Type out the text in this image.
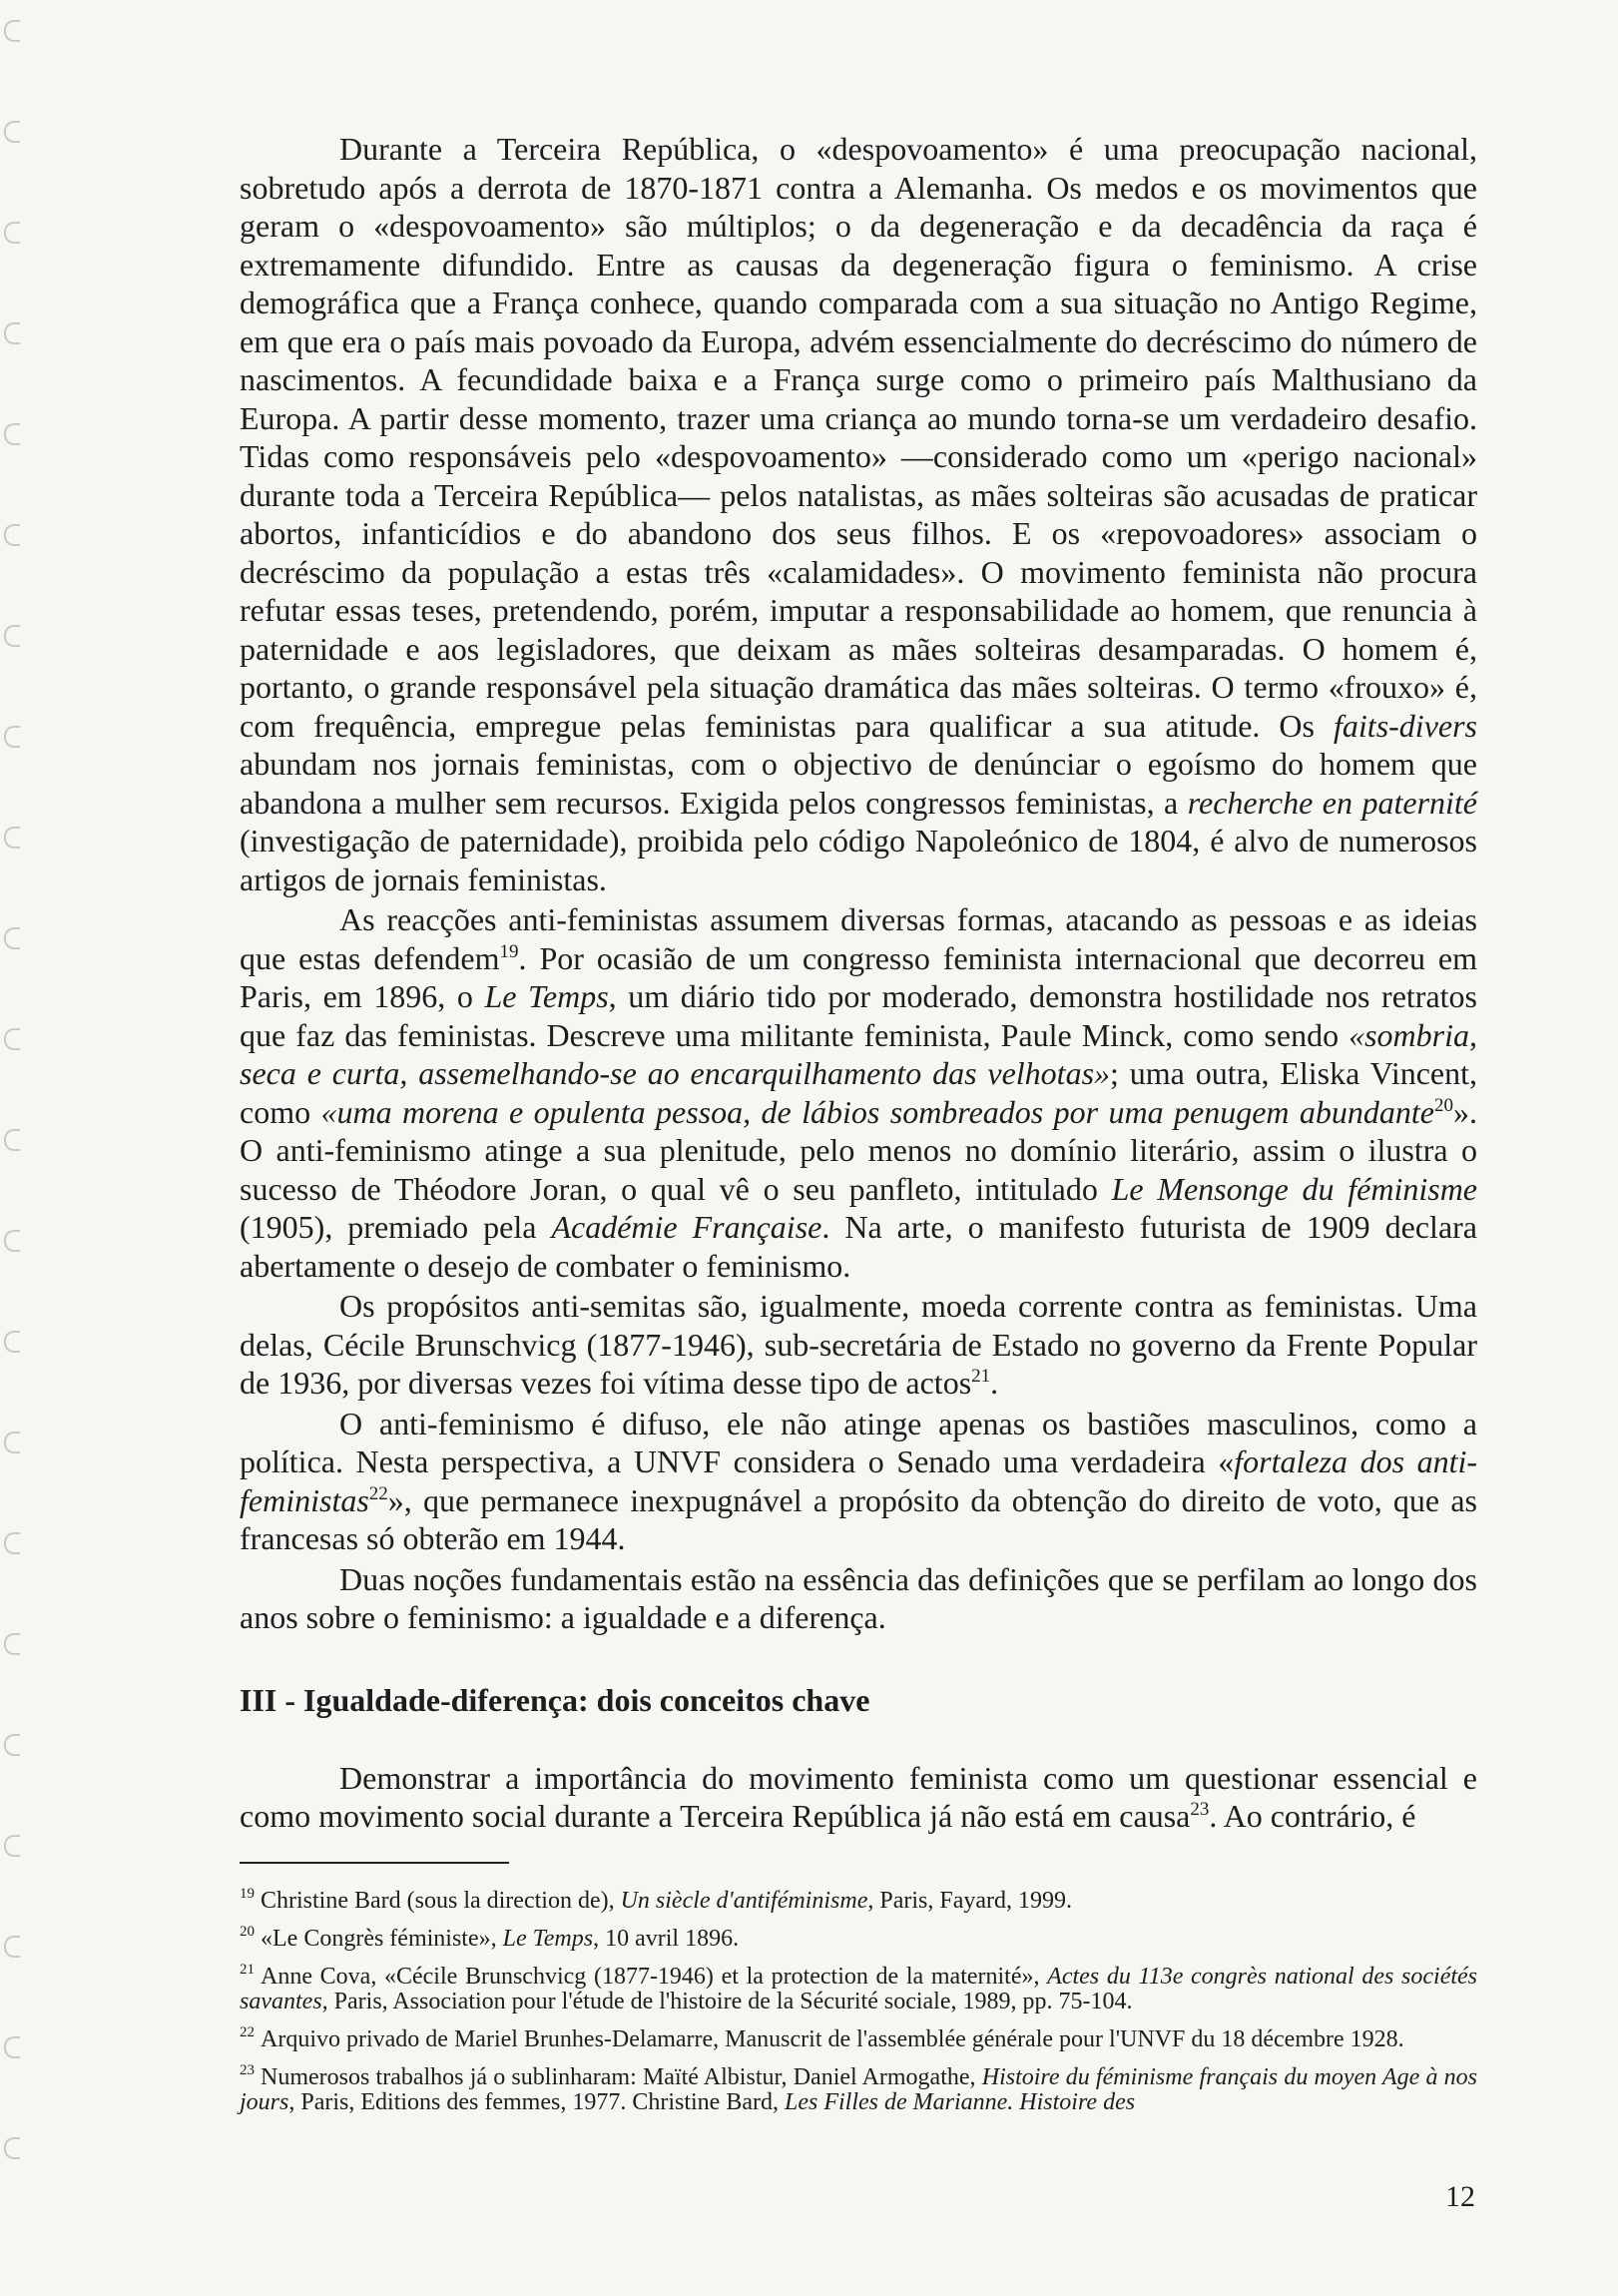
Durante a Terceira República, o «despovoamento» é uma preocupação nacional, sobretudo após a derrota de 1870-1871 contra a Alemanha. Os medos e os movimentos que geram o «despovoamento» são múltiplos; o da degeneração e da decadência da raça é extremamente difundido. Entre as causas da degeneração figura o feminismo. A crise demográfica que a França conhece, quando comparada com a sua situação no Antigo Regime, em que era o país mais povoado da Europa, advém essencialmente do decréscimo do número de nascimentos. A fecundidade baixa e a França surge como o primeiro país Malthusiano da Europa. A partir desse momento, trazer uma criança ao mundo torna-se um verdadeiro desafio. Tidas como responsáveis pelo «despovoamento» —considerado como um «perigo nacional» durante toda a Terceira República— pelos natalistas, as mães solteiras são acusadas de praticar abortos, infanticídios e do abandono dos seus filhos. E os «repovoadores» associam o decréscimo da população a estas três «calamidades». O movimento feminista não procura refutar essas teses, pretendendo, porém, imputar a responsabilidade ao homem, que renuncia à paternidade e aos legisladores, que deixam as mães solteiras desamparadas. O homem é, portanto, o grande responsável pela situação dramática das mães solteiras. O termo «frouxo» é, com frequência, empregue pelas feministas para qualificar a sua atitude. Os faits-divers abundam nos jornais feministas, com o objectivo de denúnciar o egoísmo do homem que abandona a mulher sem recursos. Exigida pelos congressos feministas, a recherche en paternité (investigação de paternidade), proibida pelo código Napoleónico de 1804, é alvo de numerosos artigos de jornais feministas.

As reacções anti-feministas assumem diversas formas, atacando as pessoas e as ideias que estas defendem$^{19}$. Por ocasião de um congresso feminista internacional que decorreu em Paris, em 1896, o Le Temps, um diário tido por moderado, demonstra hostilidade nos retratos que faz das feministas. Descreve uma militante feminista, Paule Minck, como sendo «sombria, seca e curta, assemelhando-se ao encarquilhamento das velhotas»; uma outra, Eliska Vincent, como «uma morena e opulenta pessoa, de lábios sombreados por uma penugem abundante$^{20}$». O anti-feminismo atinge a sua plenitude, pelo menos no domínio literário, assim o ilustra o sucesso de Théodore Joran, o qual vê o seu panfleto, intitulado Le Mensonge du féminisme (1905), premiado pela Académie Française. Na arte, o manifesto futurista de 1909 declara abertamente o desejo de combater o feminismo.

Os propósitos anti-semitas são, igualmente, moeda corrente contra as feministas. Uma delas, Cécile Brunschvicg (1877-1946), sub-secretária de Estado no governo da Frente Popular de 1936, por diversas vezes foi vítima desse tipo de actos$^{21}$.

O anti-feminismo é difuso, ele não atinge apenas os bastiões masculinos, como a política. Nesta perspectiva, a UNVF considera o Senado uma verdadeira «fortaleza dos anti-feministas$^{22}$», que permanece inexpugnável a propósito da obtenção do direito de voto, que as francesas só obterão em 1944.

Duas noções fundamentais estão na essência das definições que se perfilam ao longo dos anos sobre o feminismo: a igualdade e a diferença.

III - Igualdade-diferença: dois conceitos chave

Demonstrar a importância do movimento feminista como um questionar essencial e como movimento social durante a Terceira República já não está em causa$^{23}$. Ao contrário, é

$^{19}$ Christine Bard (sous la direction de), Un siècle d'antiféminisme, Paris, Fayard, 1999.

$^{20}$ «Le Congrès féministe», Le Temps, 10 avril 1896.

$^{21}$ Anne Cova, «Cécile Brunschvicg (1877-1946) et la protection de la maternité», Actes du 113e congrès national des sociétés savantes, Paris, Association pour l'étude de l'histoire de la Sécurité sociale, 1989, pp. 75-104.

$^{22}$ Arquivo privado de Mariel Brunhes-Delamarre, Manuscrit de l'assemblée générale pour l'UNVF du 18 décembre 1928.

$^{23}$ Numerosos trabalhos já o sublinharam: Maïté Albistur, Daniel Armogathe, Histoire du féminisme français du moyen Age à nos jours, Paris, Editions des femmes, 1977. Christine Bard, Les Filles de Marianne. Histoire des

12
